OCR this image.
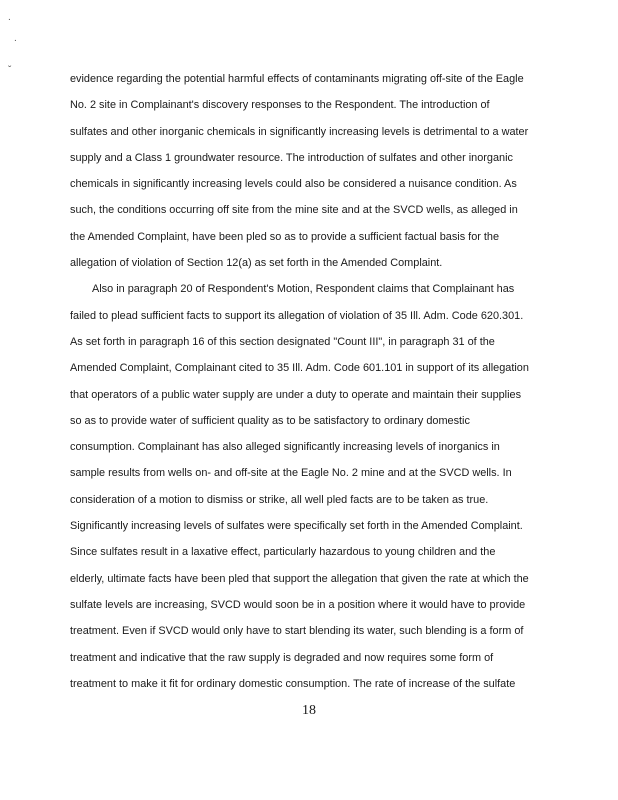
.
.
ˇ
evidence regarding the potential harmful effects of contaminants migrating off-site of the Eagle
No. 2 site in Complainant's discovery responses to the Respondent. The introduction of
sulfates and other inorganic chemicals in significantly increasing levels is detrimental to a water
supply and a Class 1 groundwater resource. The introduction of sulfates and other inorganic
chemicals in significantly increasing levels could also be considered a nuisance condition. As
such, the conditions occurring off site from the mine site and at the SVCD wells, as alleged in
the Amended Complaint, have been pled so as to provide a sufficient factual basis for the
allegation of violation of Section 12(a) as set forth in the Amended Complaint.
Also in paragraph 20 of Respondent's Motion, Respondent claims that Complainant has
failed to plead sufficient facts to support its allegation of violation of 35 Ill. Adm. Code 620.301.
As set forth in paragraph 16 of this section designated "Count III", in paragraph 31 of the
Amended Complaint, Complainant cited to 35 Ill. Adm. Code 601.101 in support of its allegation
that operators of a public water supply are under a duty to operate and maintain their supplies
so as to provide water of sufficient quality as to be satisfactory to ordinary domestic
consumption. Complainant has also alleged significantly increasing levels of inorganics in
sample results from wells on- and off-site at the Eagle No. 2 mine and at the SVCD wells. In
consideration of a motion to dismiss or strike, all well pled facts are to be taken as true.
Significantly increasing levels of sulfates were specifically set forth in the Amended Complaint.
Since sulfates result in a laxative effect, particularly hazardous to young children and the
elderly, ultimate facts have been pled that support the allegation that given the rate at which the
sulfate levels are increasing, SVCD would soon be in a position where it would have to provide
treatment. Even if SVCD would only have to start blending its water, such blending is a form of
treatment and indicative that the raw supply is degraded and now requires some form of
treatment to make it fit for ordinary domestic consumption. The rate of increase of the sulfate
18
